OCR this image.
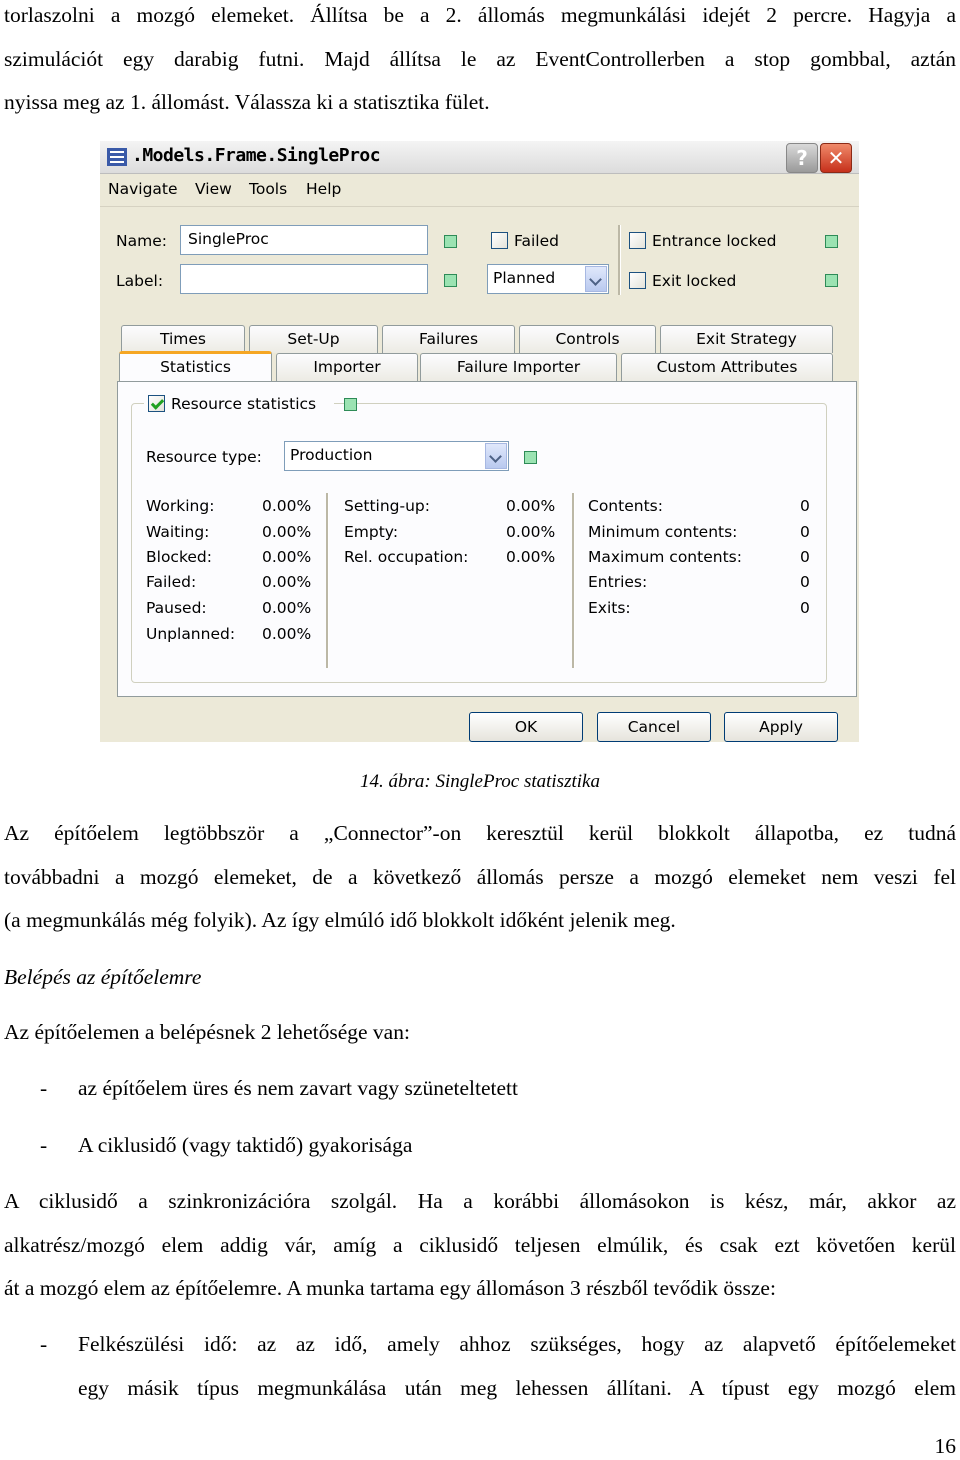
torlaszolni a mozgó elemeket. Állítsa be a 2. állomás megmunkálási idejét 2 percre. Hagyja a
szimulációt egy darabig futni. Majd állítsa le az EventControllerben a stop gombbal, aztán
nyissa meg az 1. állomást. Válassza ki a statisztika fület.
.Models.Frame.SingleProc	? ✕
Navigate View Tools Help
Name:	SingleProc
Label:
Failed
Planned
Entrance locked
Exit locked
Times	Set-Up	Failures	Controls	Exit Strategy
Statistics	Importer	Failure Importer	Custom Attributes
Resource statistics
Resource type: Production
Working:	0.00%
Waiting:	0.00%
Blocked:	0.00%
Failed:	0.00%
Paused:	0.00%
Unplanned: 0.00%
Setting-up:	0.00%
Empty:	0.00%
Rel. occupation: 0.00%
Contents:	0
Minimum contents:	0
Maximum contents:	0
Entries:	0
Exits:	0
OK	Cancel	Apply
14. ábra: SingleProc statisztika
Az építőelem legtöbbször a „Connector”-on keresztül kerül blokkolt állapotba, ez tudná
továbbadni a mozgó elemeket, de a következő állomás persze a mozgó elemeket nem veszi fel
(a megmunkálás még folyik). Az így elmúló idő blokkolt időként jelenik meg.
Belépés az építőelemre
Az építőelemen a belépésnek 2 lehetősége van:
- az építőelem üres és nem zavart vagy szüneteltetett
- A ciklusidő (vagy taktidő) gyakorisága
A ciklusidő a szinkronizációra szolgál. Ha a korábbi állomásokon is kész, már, akkor az
alkatrész/mozgó elem addig vár, amíg a ciklusidő teljesen elmúlik, és csak ezt követően kerül
át a mozgó elem az építőelemre. A munka tartama egy állomáson 3 részből tevődik össze:
- Felkészülési idő: az az idő, amely ahhoz szükséges, hogy az alapvető építőelemeket
egy másik típus megmunkálása után meg lehessen állítani. A típust egy mozgó elem
16
